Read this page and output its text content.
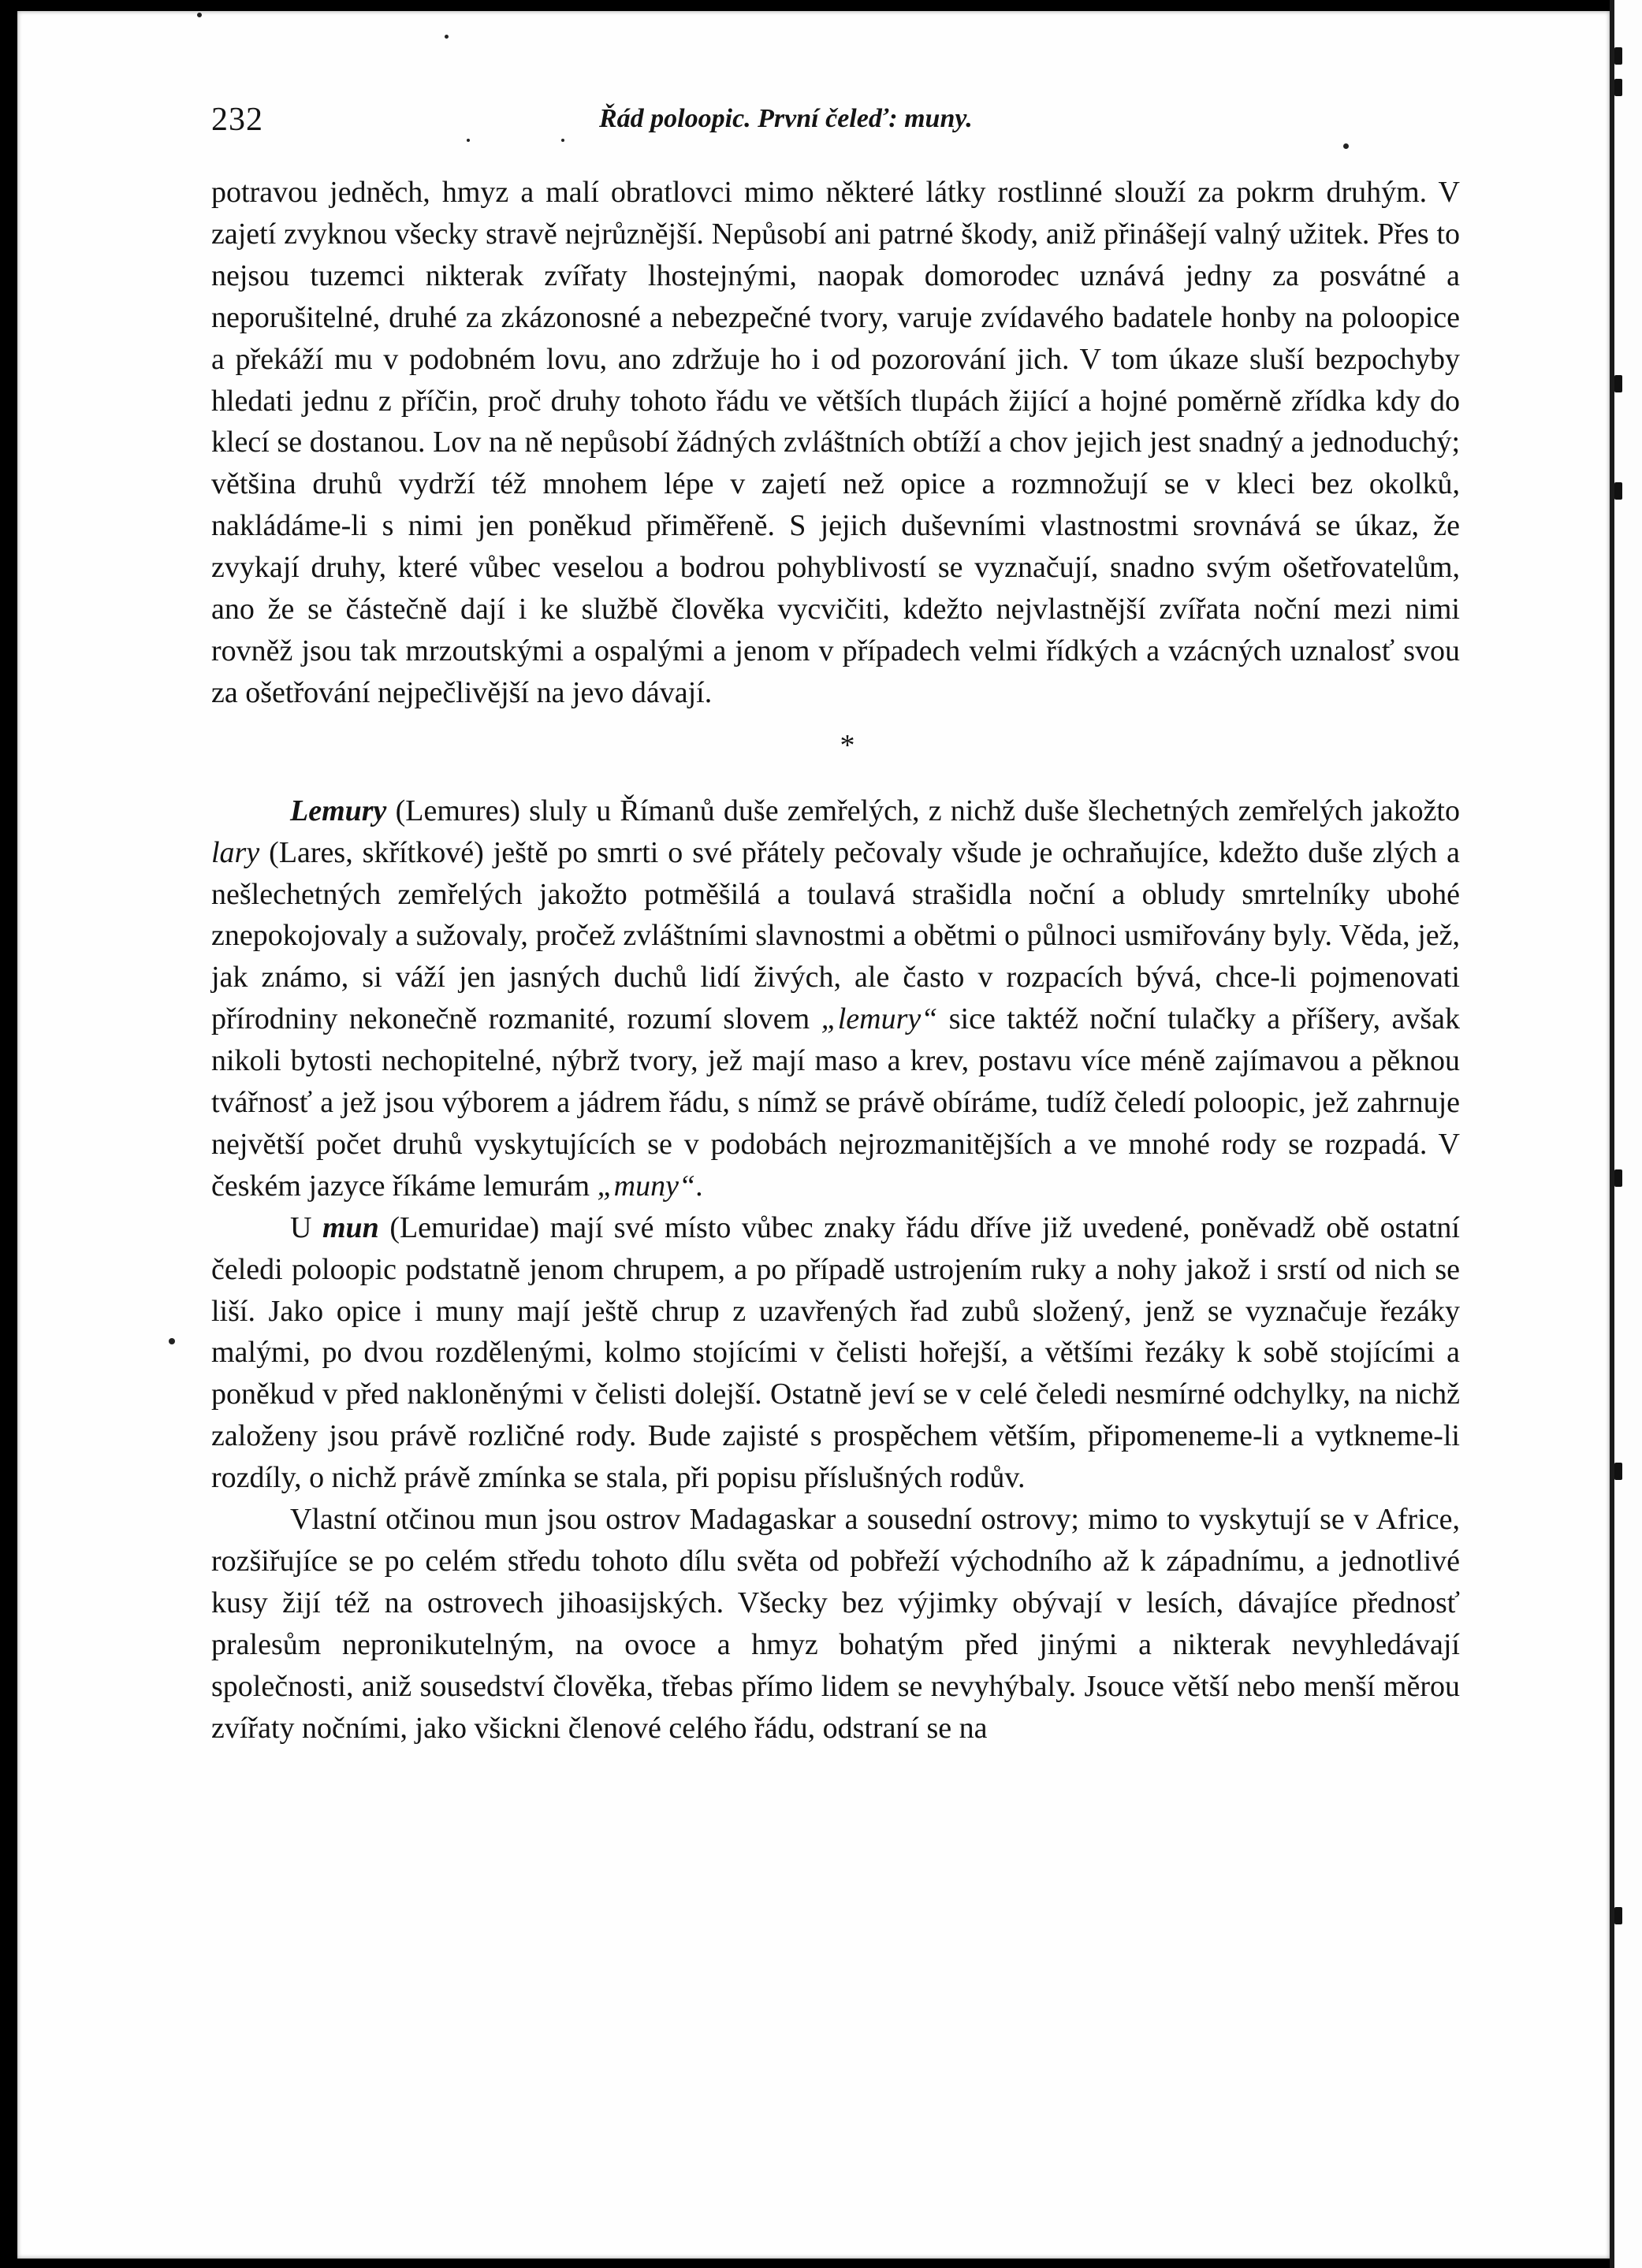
232	Řád poloopic. První čeleď: muny.

potravou jedněch, hmyz a malí obratlovci mimo některé látky rostlinné slouží za pokrm druhým. V zajetí zvyknou všecky stravě nejrůznější. Nepůsobí ani patrné škody, aniž přinášejí valný užitek. Přes to nejsou tuzemci nikterak zvířaty lhostejnými, naopak domorodec uznává jedny za posvátné a neporušitelné, druhé za zkázonosné a nebezpečné tvory, varuje zvídavého badatele honby na poloopice a překáží mu v podobném lovu, ano zdržuje ho i od pozorování jich. V tom úkaze sluší bezpochyby hledati jednu z příčin, proč druhy tohoto řádu ve větších tlupách žijící a hojné poměrně zřídka kdy do klecí se dostanou. Lov na ně nepůsobí žádných zvláštních obtíží a chov jejich jest snadný a jednoduchý; většina druhů vydrží též mnohem lépe v zajetí než opice a rozmnožují se v kleci bez okolků, nakládáme-li s nimi jen poněkud přiměřeně. S jejich duševními vlastnostmi srovnává se úkaz, že zvykají druhy, které vůbec veselou a bodrou pohyblivostí se vyznačují, snadno svým ošetřovatelům, ano že se částečně dají i ke službě člověka vycvičiti, kdežto nejvlastnější zvířata noční mezi nimi rovněž jsou tak mrzoutskými a ospalými a jenom v případech velmi řídkých a vzácných uznalosť svou za ošetřování nejpečlivější na jevo dávají.

*

Lemury (Lemures) sluly u Římanů duše zemřelých, z nichž duše šlechetných zemřelých jakožto lary (Lares, skřítkové) ještě po smrti o své přátely pečovaly všude je ochraňujíce, kdežto duše zlých a nešlechetných zemřelých jakožto potměšilá a toulavá strašidla noční a obludy smrtelníky ubohé znepokojovaly a sužovaly, pročež zvláštními slavnostmi a obětmi o půlnoci usmiřovány byly. Věda, jež, jak známo, si váží jen jasných duchů lidí živých, ale často v rozpacích bývá, chce-li pojmenovati přírodniny nekonečně rozmanité, rozumí slovem „lemury“ sice taktéž noční tulačky a příšery, avšak nikoli bytosti nechopitelné, nýbrž tvory, jež mají maso a krev, postavu více méně zajímavou a pěknou tvářnosť a jež jsou výborem a jádrem řádu, s nímž se právě obíráme, tudíž čeledí poloopic, jež zahrnuje největší počet druhů vyskytujících se v podobách nejrozmanitějších a ve mnohé rody se rozpadá. V českém jazyce říkáme lemurám „muny“.

U mun (Lemuridae) mají své místo vůbec znaky řádu dříve již uvedené, poněvadž obě ostatní čeledi poloopic podstatně jenom chrupem, a po případě ustrojením ruky a nohy jakož i srstí od nich se liší. Jako opice i muny mají ještě chrup z uzavřených řad zubů složený, jenž se vyznačuje řezáky malými, po dvou rozdělenými, kolmo stojícími v čelisti hořejší, a většími řezáky k sobě stojícími a poněkud v před nakloněnými v čelisti dolejší. Ostatně jeví se v celé čeledi nesmírné odchylky, na nichž založeny jsou právě rozličné rody. Bude zajisté s prospěchem větším, připomeneme-li a vytkneme-li rozdíly, o nichž právě zmínka se stala, při popisu příslušných rodův.

Vlastní otčinou mun jsou ostrov Madagaskar a sousední ostrovy; mimo to vyskytují se v Africe, rozšiřujíce se po celém středu tohoto dílu světa od pobřeží východního až k západnímu, a jednotlivé kusy žijí též na ostrovech jihoasijských. Všecky bez výjimky obývají v lesích, dávajíce přednosť pralesům nepronikutelným, na ovoce a hmyz bohatým před jinými a nikterak nevyhledávají společnosti, aniž sousedství člověka, třebas přímo lidem se nevyhýbaly. Jsouce větší nebo menší měrou zvířaty nočními, jako všickni členové celého řádu, odstraní se na
